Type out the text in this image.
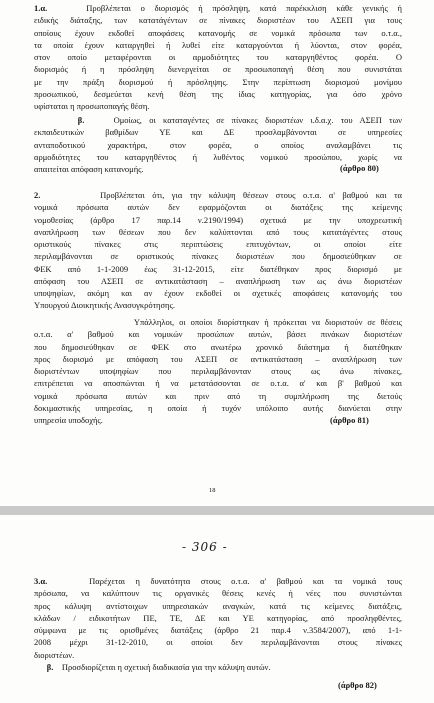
1.α.	Προβλέπεται ο διορισμός ή πρόσληψη, κατά παρέκκλιση κάθε γενικής ή
ειδικής διάταξης, των κατατάγέντων σε πίνακες διοριστέων του ΑΣΕΠ για τους
οποίους έχουν εκδοθεί αποφάσεις κατανομής σε νομικά πρόσωπα των ο.τ.α.,
τα οποία έχουν καταργηθεί ή λυθεί είτε καταργούνται ή λύονται, στον φορέα,
στον οποίο μεταφέρονται οι αρμοδιότητες του καταργηθέντος φορέα. Ο
διορισμός ή η πρόσληψη διενεργείται σε προσωποπαγή θέση που συνιστάται
με την πράξη διορισμού ή πρόσληψης. Στην περίπτωση διορισμού μονίμου
προσωπικού, δεσμεύεται κενή θέση της ίδιας κατηγορίας, για όσο χρόνο
υφίσταται η προσωποπαγής θέση.
β.	Ομοίως, οι καταταγέντες σε πίνακες διοριστέων ι.δ.α.χ. του ΑΣΕΠ των
εκπαιδευτικών βαθμίδων ΥΕ και ΔΕ προσλαμβάνονται σε υπηρεσίες
ανταποδοτικού χαρακτήρα, στον φορέα, ο οποίος αναλαμβάνει τις
αρμοδιότητες του καταργηθέντος ή λυθέντος νομικού προσώπου, χωρίς να
απαιτείται απόφαση κατανομής.	(άρθρο 80)
2.	Προβλέπεται ότι, για την κάλυψη θέσεων στους ο.τ.α. α' βαθμού και τα
νομικά πρόσωπα αυτών δεν εφαρμόζονται οι διατάξεις της κείμενης
νομοθεσίας (άρθρο 17 παρ.14 ν.2190/1994) σχετικά με την υποχρεωτική
αναπλήρωση των θέσεων που δεν καλύπτονται από τους κατατάγέντες στους
οριστικούς πίνακες στις περιπτώσεις επιτυχόντων, οι οποίοι είτε
περιλαμβάνονται σε οριστικούς πίνακες διοριστέων που δημοσιεύθηκαν σε
ΦΕΚ από 1-1-2009 έως 31-12-2015, είτε διατέθηκαν προς διορισμό με
απόφαση του ΑΣΕΠ σε αντικατάσταση – αναπλήρωση των ως άνω διοριστέων
υποψηφίων, ακόμη και αν έχουν εκδοθεί οι σχετικές αποφάσεις κατανομής του
Υπουργού Διοικητικής Ανασυγκρότησης.
Υπάλληλοι, οι οποίοι διορίστηκαν ή πρόκειται να διοριστούν σε θέσεις
ο.τ.α. α' βαθμού και νομικών προσώπων αυτών, βάσει πινάκων διοριστέων
που δημοσιεύθηκαν σε ΦΕΚ στο ανωτέρω χρονικό διάστημα ή διατέθηκαν
προς διορισμό με απόφαση του ΑΣΕΠ σε αντικατάσταση – αναπλήρωση των
διοριστέντων υποψηφίων που περιλαμβάνονταν στους ως άνω πίνακες,
επιτρέπεται να αποσπώνται ή να μετατάσσονται σε ο.τ.α. α' και β' βαθμού και
νομικά πρόσωπα αυτών και πριν από τη συμπλήρωση της διετούς
δοκιμαστικής υπηρεσίας, η οποία ή τυχόν υπόλοιπο αυτής διανύεται στην
υπηρεσία υποδοχής.	(άρθρο 81)
18
- 306 -
3.α.	Παρέχεται η δυνατότητα στους ο.τ.α. α' βαθμού και τα νομικά τους
πρόσωπα, να καλύπτουν τις οργανικές θέσεις κενές ή νέες που συνιστώνται
προς κάλυψη αντίστοιχων υπηρεσιακών αναγκών, κατά τις κείμενες διατάξεις,
κλάδων / ειδικοτήτων ΠΕ, ΤΕ, ΔΕ και ΥΕ κατηγορίας, από προσληφθέντες,
σύμφωνα με τις ορισθμένες διατάξεις (άρθρο 21 παρ.4 ν.3584/2007), από 1-1-
2008 μέχρι 31-12-2010, οι οποίοι δεν περιλαμβάνονται στους πίνακες
διοριστέων.
β. Προσδιορίζεται η σχετική διαδικασία για την κάλυψη αυτών.
(άρθρο 82)
